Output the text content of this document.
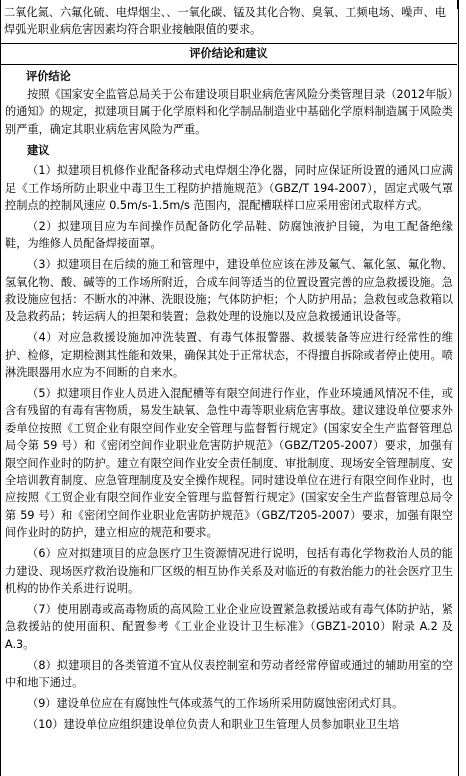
二氧化氮、六氟化硫、电焊烟尘、、一氧化碳、锰及其化合物、臭氧、工频电场、噪声、电焊弧光职业病危害因素均符合职业接触限值的要求。
评价结论和建议
评价结论

按照《国家安全监管总局关于公布建设项目职业病危害风险分类管理目录（2012年版）的通知》的规定，拟建项目属于化学原料和化学制品制造业中基础化学原料制造属于风险类别严重，确定其职业病危害风险为严重。

建议

（1）拟建项目机修作业配备移动式电焊烟尘净化器，同时应保证所设置的通风口应满足《工作场所防止职业中毒卫生工程防护措施规范》（GBZ/T 194-2007），固定式吸气罩控制点的控制风速应 0.5m/s-1.5m/s 范围内，混配槽联样口应采用密闭式取样方式。

（2）拟建项目应为车间操作员配备防化学品鞋、防腐蚀液护目镜，为电工配备绝缘鞋，为维修人员配备焊接面罩。

（3）拟建项目在后续的施工和管理中，建设单位应该在涉及氟气、氟化氢、氟化物、氢氧化物、酸、碱等的工作场所附近，合成车间等适当的位置设置完善的应急救援设施。急救设施应包括：不断水的冲淋、洗眼设施；气体防护柜；个人防护用品；急救包或急救箱以及急救药品；转运病人的担架和装置；急救处理的设施以及应急救援通讯设备等。

（4）对应急救援设施加冲洗装置、有毒气体报警器、救援装备等应进行经常性的维护、检修，定期检测其性能和效果，确保其处于正常状态，不得擅自拆除或者停止使用。喷淋洗眼器用水应为不间断的自来水。

（5）拟建项目作业人员进入混配槽等有限空间进行作业，作业环境通风情况不佳，或含有残留的有毒有害物质，易发生缺氧、急性中毒等职业病危害事故。建议建设单位要求外委单位按照《工贸企业有限空间作业安全管理与监督暂行规定》(国家安全生产监督管理总局令第 59 号）和《密闭空间作业职业危害防护规范》（GBZ/T205-2007）要求，加强有限空间作业时的防护。建立有限空间作业安全责任制度、审批制度、现场安全管理制度、安全培训教育制度、应急管理制度及安全操作规程。同时建设单位在进行有限空间作业时，也应按照《工贸企业有限空间作业安全管理与监督暂行规定》(国家安全生产监督管理总局令第 59 号）和《密闭空间作业职业危害防护规范》（GBZ/T205-2007）要求，加强有限空间作业时的防护，建立相应的规范和要求。

（6）应对拟建项目的应急医疗卫生资源情况进行说明，包括有毒化学物救治人员的能力建设、现场医疗救治设施和厂区级的相互协作关系及对临近的有救治能力的社会医疗卫生机构的协作关系进行说明。

（7）使用剧毒或高毒物质的高风险工业企业应设置紧急救援站或有毒气体防护站，紧急救援站的使用面积、配置参考《工业企业设计卫生标准》（GBZ1-2010）附录 A.2 及 A.3。

（8）拟建项目的各类管道不宜从仪表控制室和劳动者经常停留或通过的辅助用室的空中和地下通过。

（9）建设单位应在有腐蚀性气体或蒸气的工作场所采用防腐蚀密闭式灯具。

（10）建设单位应组织建设单位负责人和职业卫生管理人员参加职业卫生培
